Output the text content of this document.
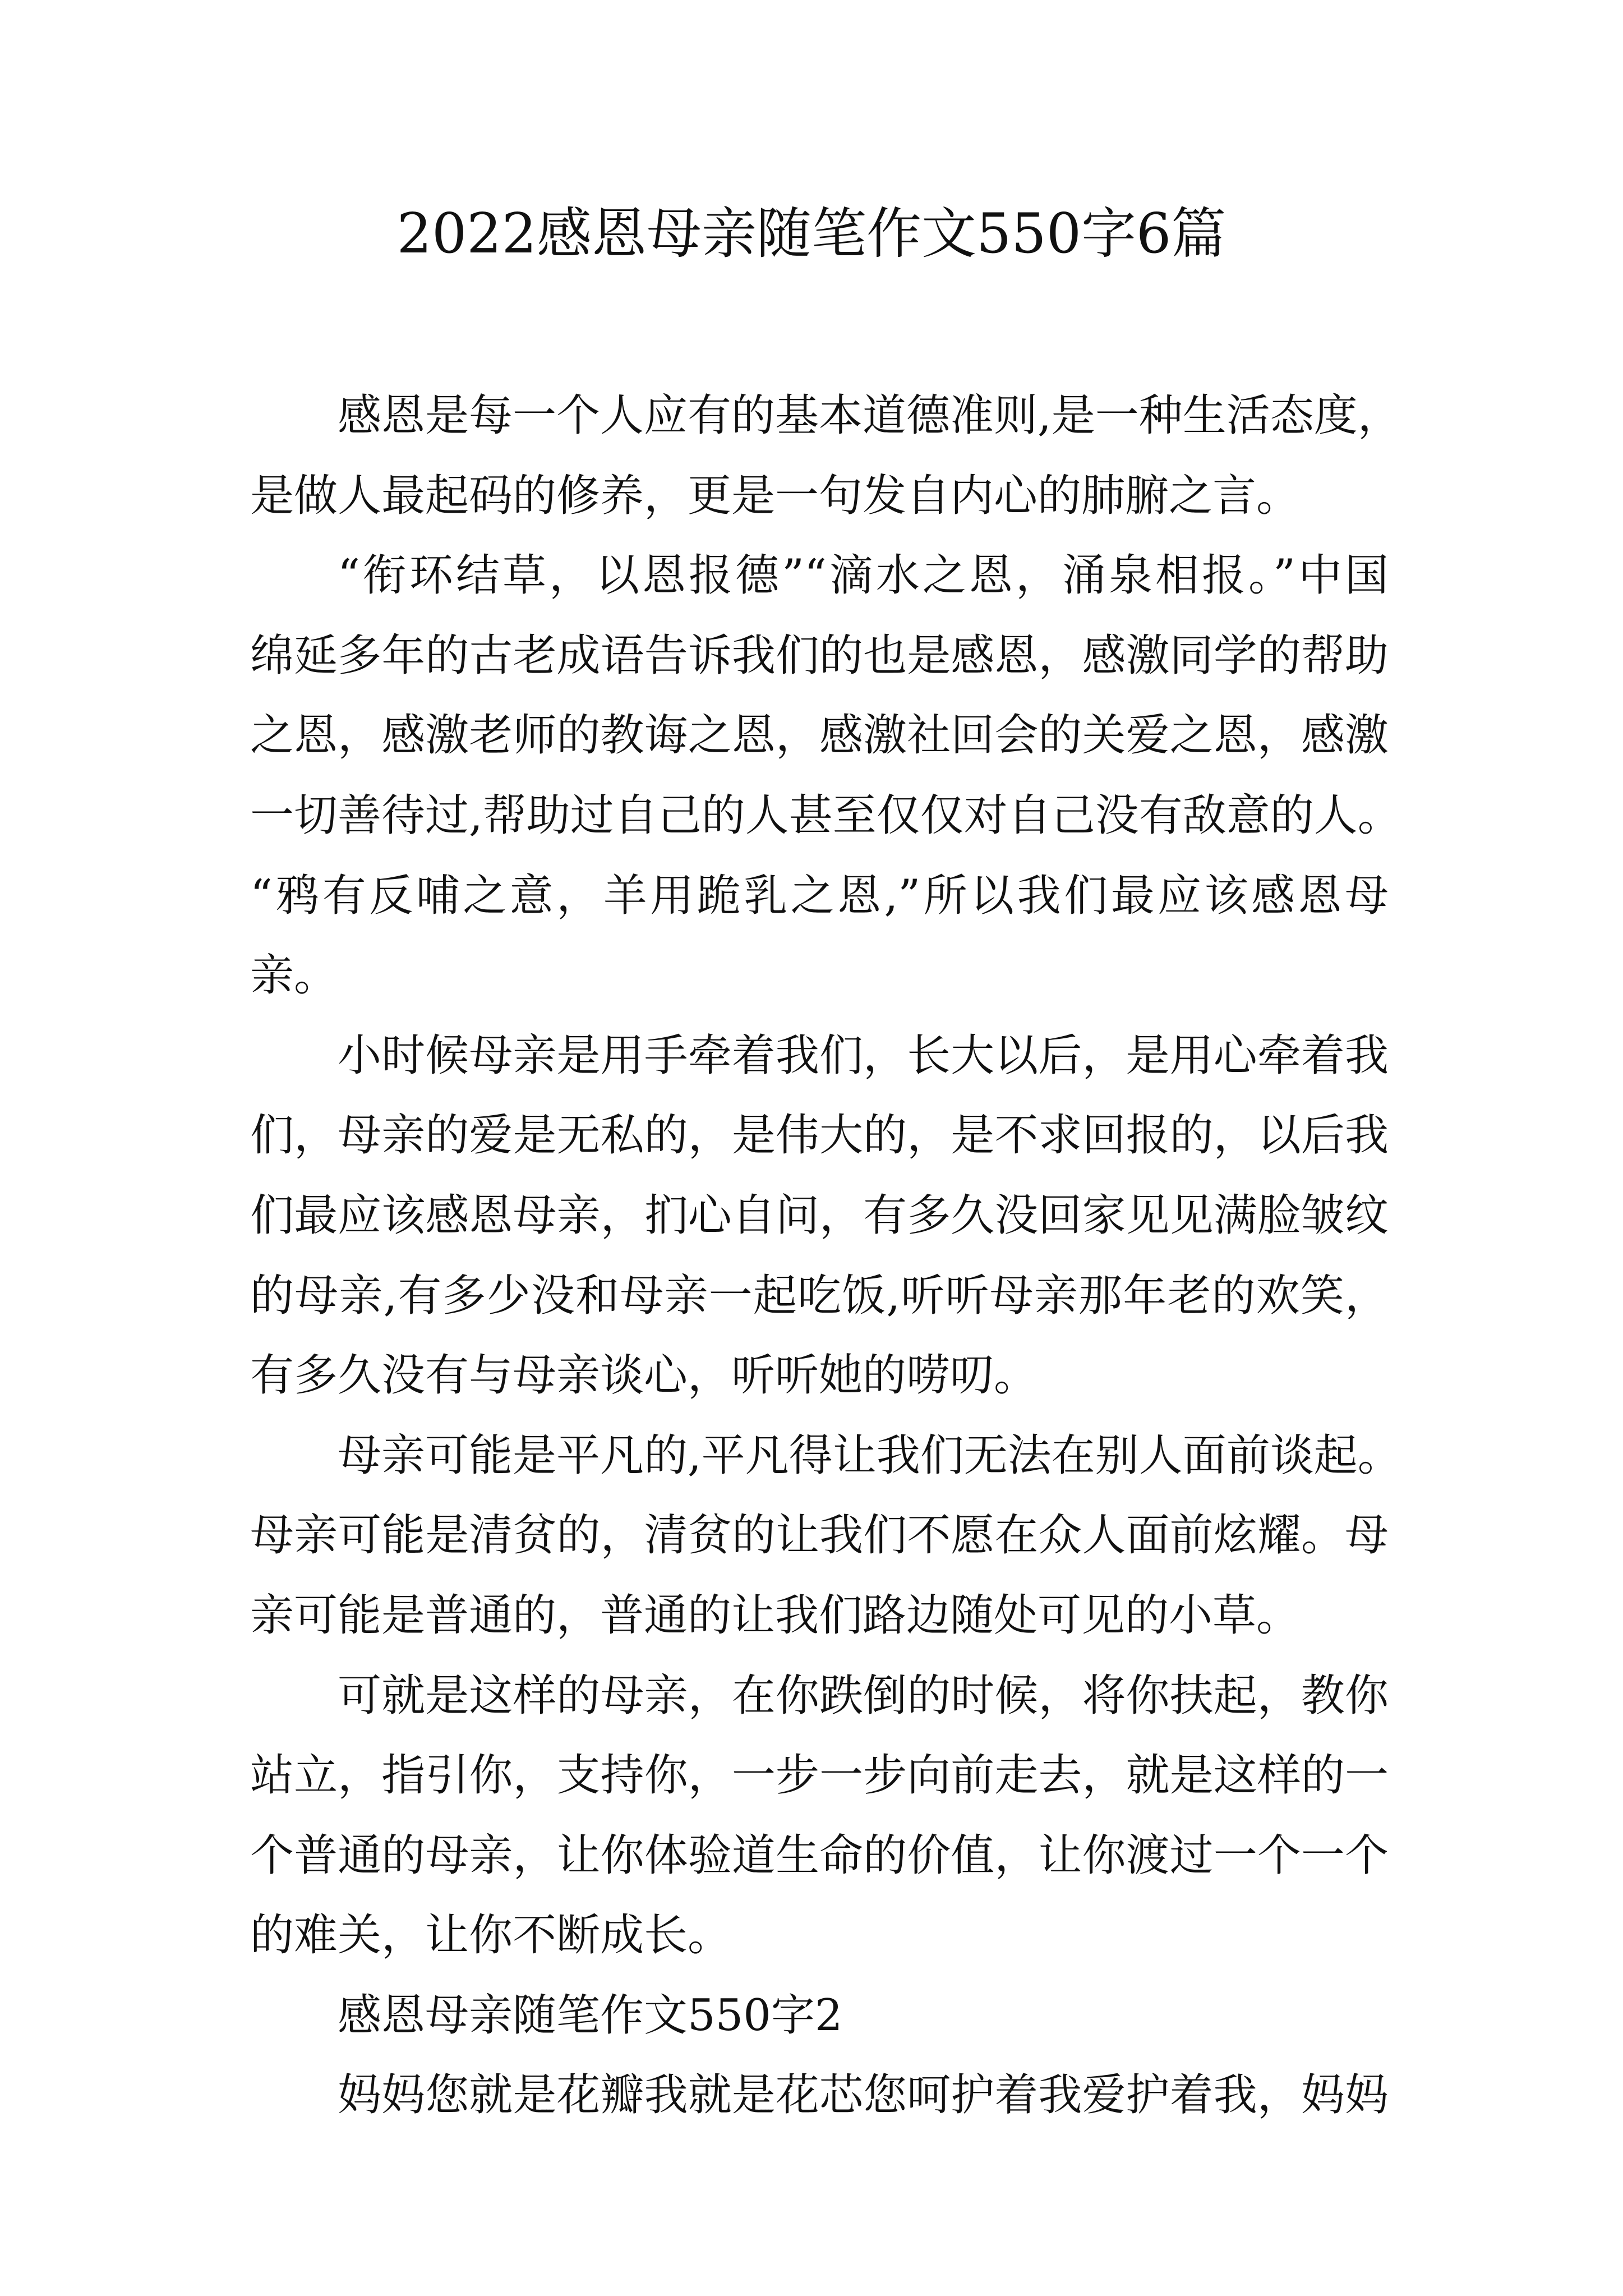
2022感恩母亲随笔作文550字6篇
感恩是每一个人应有的基本道德准则,是一种生活态度，
是做人最起码的修养，更是一句发自内心的肺腑之言。
“衔环结草，以恩报德”“滴水之恩，涌泉相报。”中国
绵延多年的古老成语告诉我们的也是感恩，感激同学的帮助
之恩，感激老师的教诲之恩，感激社回会的关爱之恩，感激
一切善待过,帮助过自己的人甚至仅仅对自己没有敌意的人。
“鸦有反哺之意，羊用跪乳之恩,”所以我们最应该感恩母
亲。
小时候母亲是用手牵着我们，长大以后，是用心牵着我
们，母亲的爱是无私的，是伟大的，是不求回报的，以后我
们最应该感恩母亲，扪心自问，有多久没回家见见满脸皱纹
的母亲,有多少没和母亲一起吃饭,听听母亲那年老的欢笑，
有多久没有与母亲谈心，听听她的唠叨。
母亲可能是平凡的,平凡得让我们无法在别人面前谈起。
母亲可能是清贫的，清贫的让我们不愿在众人面前炫耀。母
亲可能是普通的，普通的让我们路边随处可见的小草。
可就是这样的母亲，在你跌倒的时候，将你扶起，教你
站立，指引你，支持你，一步一步向前走去，就是这样的一
个普通的母亲，让你体验道生命的价值，让你渡过一个一个
的难关，让你不断成长。
感恩母亲随笔作文550字2
妈妈您就是花瓣我就是花芯您呵护着我爱护着我，妈妈
